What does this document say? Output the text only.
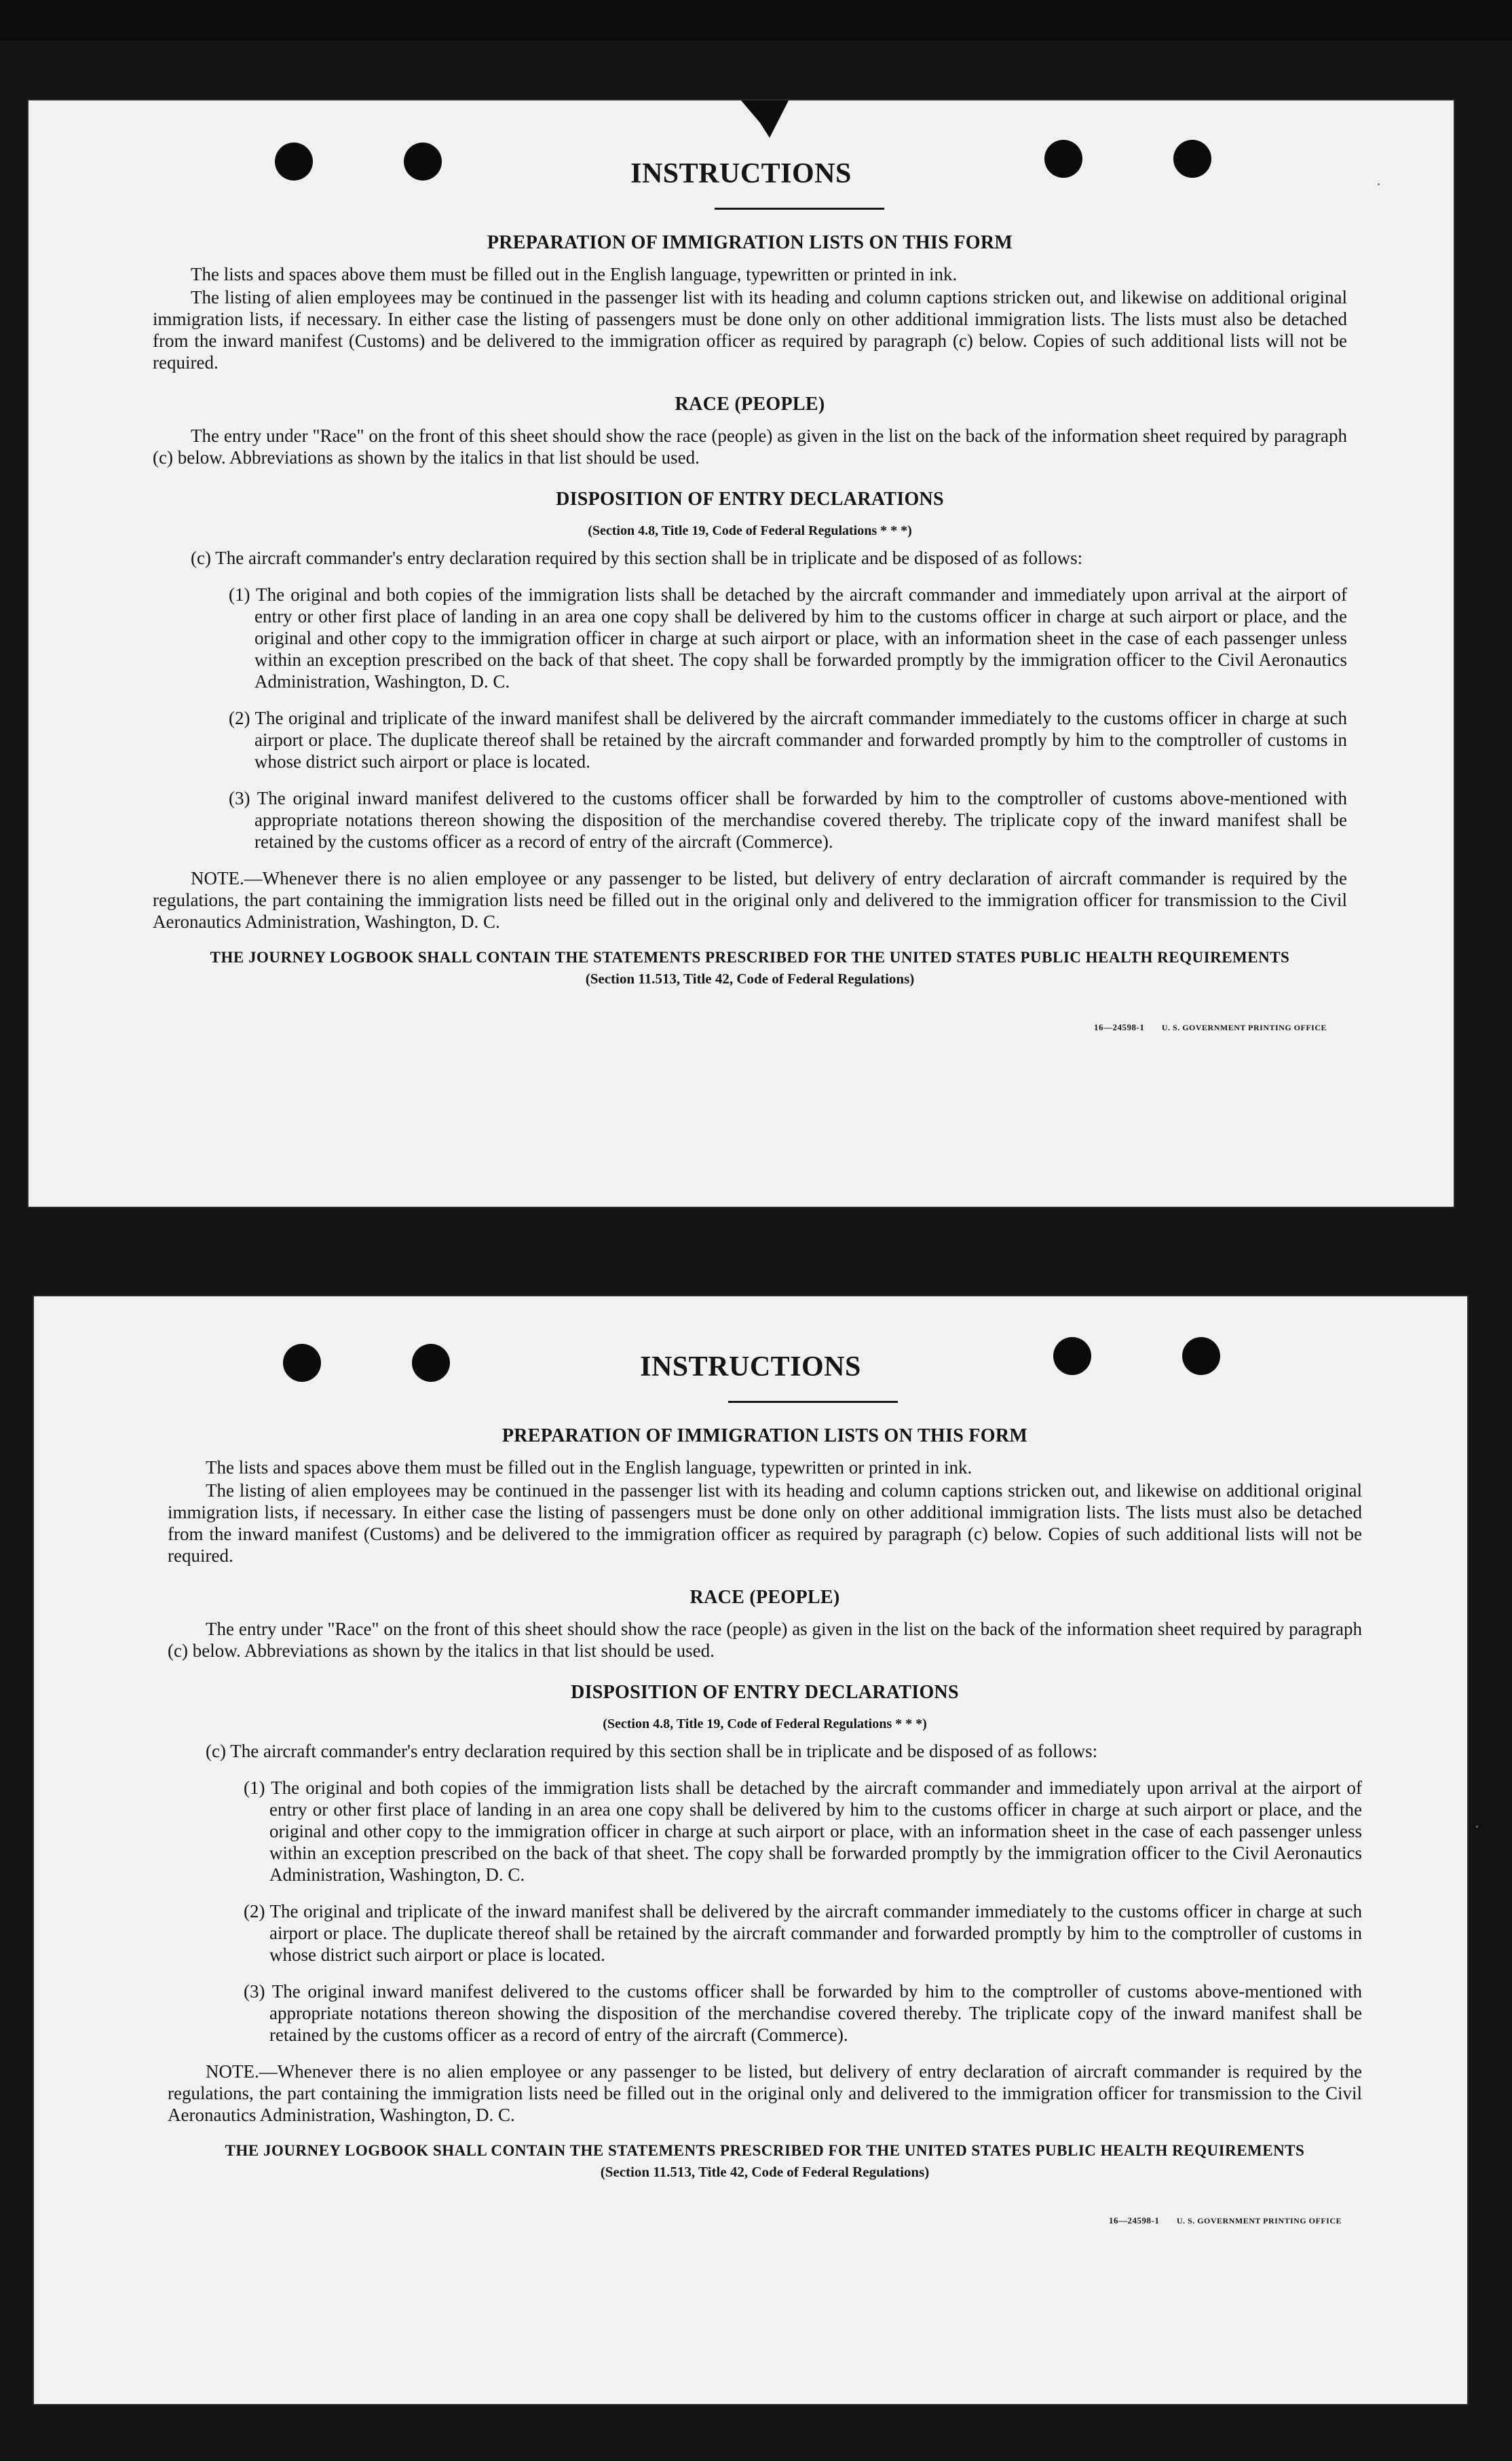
INSTRUCTIONS
PREPARATION OF IMMIGRATION LISTS ON THIS FORM

The lists and spaces above them must be filled out in the English language, typewritten or printed in ink.

The listing of alien employees may be continued in the passenger list with its heading and column captions stricken out, and likewise on additional original immigration lists, if necessary. In either case the listing of passengers must be done only on other additional immigration lists. The lists must also be detached from the inward manifest (Customs) and be delivered to the immigration officer as required by paragraph (c) below. Copies of such additional lists will not be required.

RACE (PEOPLE)

The entry under "Race" on the front of this sheet should show the race (people) as given in the list on the back of the information sheet required by paragraph (c) below. Abbreviations as shown by the italics in that list should be used.

DISPOSITION OF ENTRY DECLARATIONS
(Section 4.8, Title 19, Code of Federal Regulations * * *)

(c) The aircraft commander's entry declaration required by this section shall be in triplicate and be disposed of as follows:

(1) The original and both copies of the immigration lists shall be detached by the aircraft commander and immediately upon arrival at the airport of entry or other first place of landing in an area one copy shall be delivered by him to the customs officer in charge at such airport or place, and the original and other copy to the immigration officer in charge at such airport or place, with an information sheet in the case of each passenger unless within an exception prescribed on the back of that sheet. The copy shall be forwarded promptly by the immigration officer to the Civil Aeronautics Administration, Washington, D. C.
(2) The original and triplicate of the inward manifest shall be delivered by the aircraft commander immediately to the customs officer in charge at such airport or place. The duplicate thereof shall be retained by the aircraft commander and forwarded promptly by him to the comptroller of customs in whose district such airport or place is located.
(3) The original inward manifest delivered to the customs officer shall be forwarded by him to the comptroller of customs above-mentioned with appropriate notations thereon showing the disposition of the merchandise covered thereby. The triplicate copy of the inward manifest shall be retained by the customs officer as a record of entry of the aircraft (Commerce).

NOTE.—Whenever there is no alien employee or any passenger to be listed, but delivery of entry declaration of aircraft commander is required by the regulations, the part containing the immigration lists need be filled out in the original only and delivered to the immigration officer for transmission to the Civil Aeronautics Administration, Washington, D. C.

THE JOURNEY LOGBOOK SHALL CONTAIN THE STATEMENTS PRESCRIBED FOR THE UNITED STATES PUBLIC HEALTH REQUIREMENTS
(Section 11.513, Title 42, Code of Federal Regulations)
16—24598-1 U. S. GOVERNMENT PRINTING OFFICE
INSTRUCTIONS
PREPARATION OF IMMIGRATION LISTS ON THIS FORM

The lists and spaces above them must be filled out in the English language, typewritten or printed in ink.

The listing of alien employees may be continued in the passenger list with its heading and column captions stricken out, and likewise on additional original immigration lists, if necessary. In either case the listing of passengers must be done only on other additional immigration lists. The lists must also be detached from the inward manifest (Customs) and be delivered to the immigration officer as required by paragraph (c) below. Copies of such additional lists will not be required.

RACE (PEOPLE)

The entry under "Race" on the front of this sheet should show the race (people) as given in the list on the back of the information sheet required by paragraph (c) below. Abbreviations as shown by the italics in that list should be used.

DISPOSITION OF ENTRY DECLARATIONS
(Section 4.8, Title 19, Code of Federal Regulations * * *)

(c) The aircraft commander's entry declaration required by this section shall be in triplicate and be disposed of as follows:

(1) The original and both copies of the immigration lists shall be detached by the aircraft commander and immediately upon arrival at the airport of entry or other first place of landing in an area one copy shall be delivered by him to the customs officer in charge at such airport or place, and the original and other copy to the immigration officer in charge at such airport or place, with an information sheet in the case of each passenger unless within an exception prescribed on the back of that sheet. The copy shall be forwarded promptly by the immigration officer to the Civil Aeronautics Administration, Washington, D. C.
(2) The original and triplicate of the inward manifest shall be delivered by the aircraft commander immediately to the customs officer in charge at such airport or place. The duplicate thereof shall be retained by the aircraft commander and forwarded promptly by him to the comptroller of customs in whose district such airport or place is located.
(3) The original inward manifest delivered to the customs officer shall be forwarded by him to the comptroller of customs above-mentioned with appropriate notations thereon showing the disposition of the merchandise covered thereby. The triplicate copy of the inward manifest shall be retained by the customs officer as a record of entry of the aircraft (Commerce).

NOTE.—Whenever there is no alien employee or any passenger to be listed, but delivery of entry declaration of aircraft commander is required by the regulations, the part containing the immigration lists need be filled out in the original only and delivered to the immigration officer for transmission to the Civil Aeronautics Administration, Washington, D. C.

THE JOURNEY LOGBOOK SHALL CONTAIN THE STATEMENTS PRESCRIBED FOR THE UNITED STATES PUBLIC HEALTH REQUIREMENTS
(Section 11.513, Title 42, Code of Federal Regulations)
16—24598-1 U. S. GOVERNMENT PRINTING OFFICE
